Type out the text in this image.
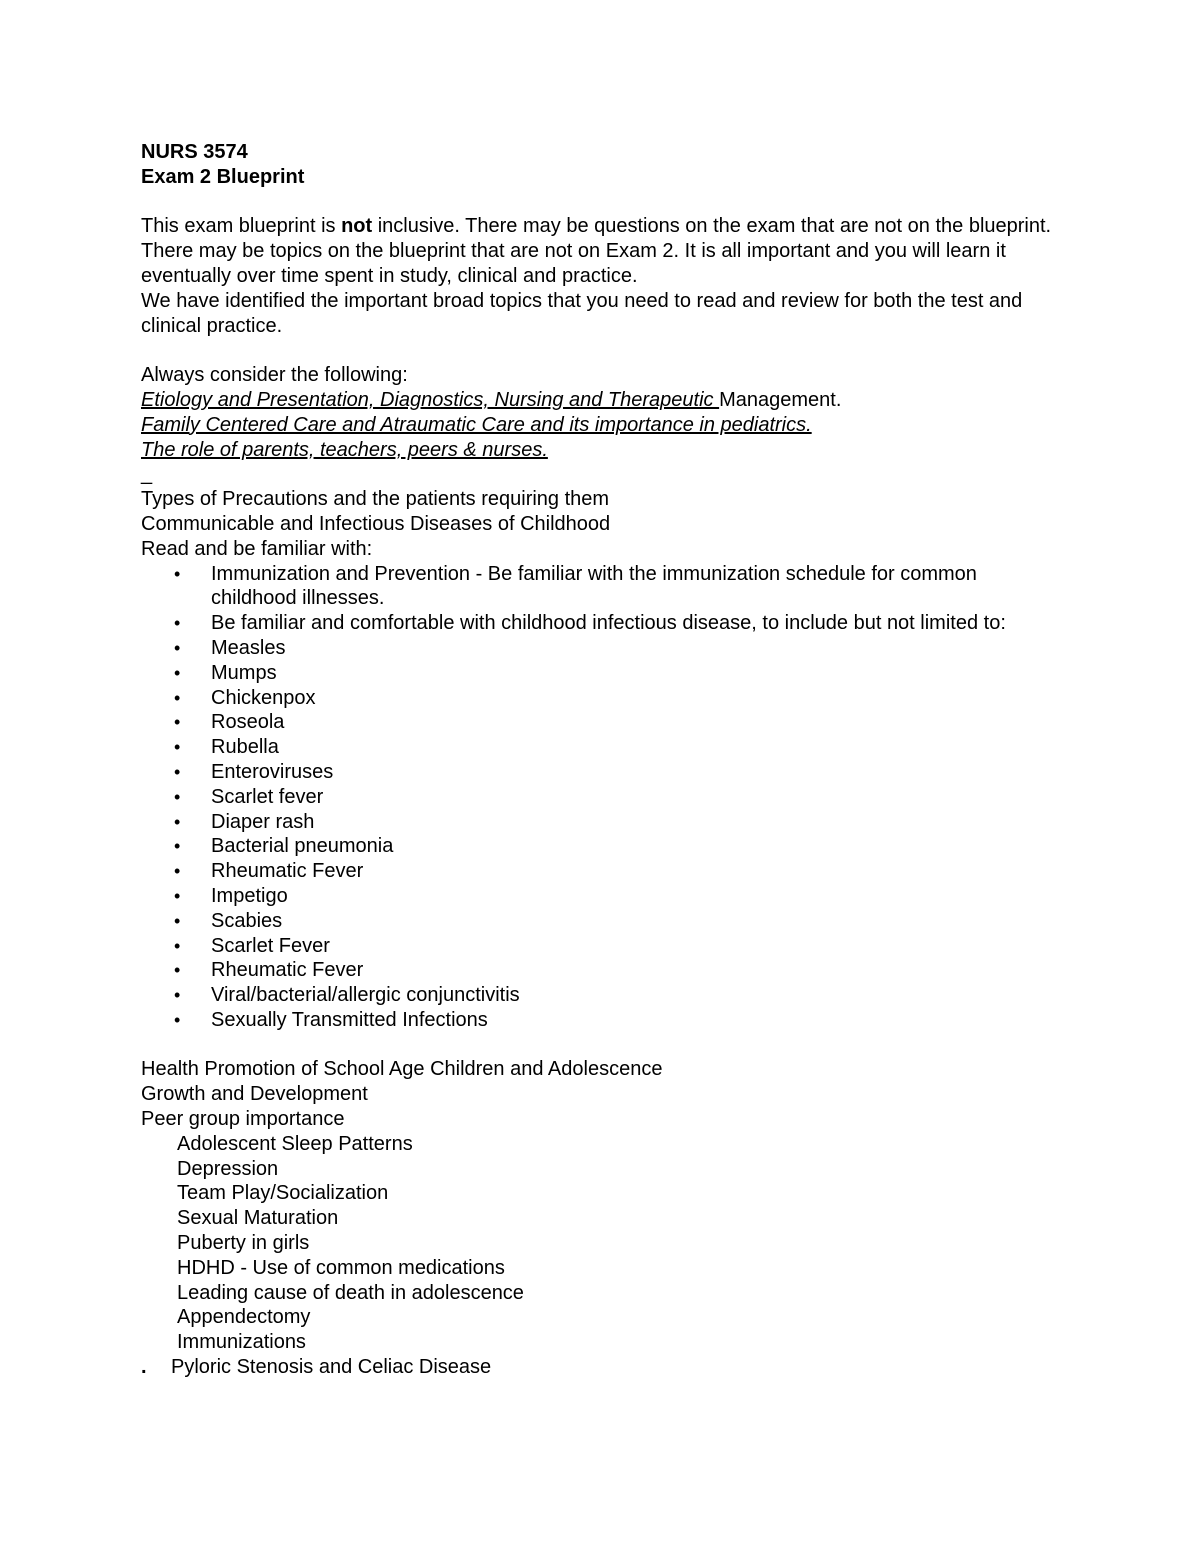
NURS 3574
Exam 2 Blueprint
This exam blueprint is not inclusive. There may be questions on the exam that are not on the blueprint. There may be topics on the blueprint that are not on Exam 2. It is all important and you will learn it eventually over time spent in study, clinical and practice.
We have identified the important broad topics that you need to read and review for both the test and clinical practice.
Always consider the following:
Etiology and Presentation, Diagnostics, Nursing and Therapeutic Management.
Family Centered Care and Atraumatic Care and its importance in pediatrics.
The role of parents, teachers, peers & nurses.
_
Types of Precautions and the patients requiring them
Communicable and Infectious Diseases of Childhood
Read and be familiar with:
• Immunization and Prevention - Be familiar with the immunization schedule for common childhood illnesses.
• Be familiar and comfortable with childhood infectious disease, to include but not limited to:
• Measles
• Mumps
• Chickenpox
• Roseola
• Rubella
• Enteroviruses
• Scarlet fever
• Diaper rash
• Bacterial pneumonia
• Rheumatic Fever
• Impetigo
• Scabies
• Scarlet Fever
• Rheumatic Fever
• Viral/bacterial/allergic conjunctivitis
• Sexually Transmitted Infections
Health Promotion of School Age Children and Adolescence
Growth and Development
Peer group importance
Adolescent Sleep Patterns
Depression
Team Play/Socialization
Sexual Maturation
Puberty in girls
HDHD - Use of common medications
Leading cause of death in adolescence
Appendectomy
Immunizations
. Pyloric Stenosis and Celiac Disease
